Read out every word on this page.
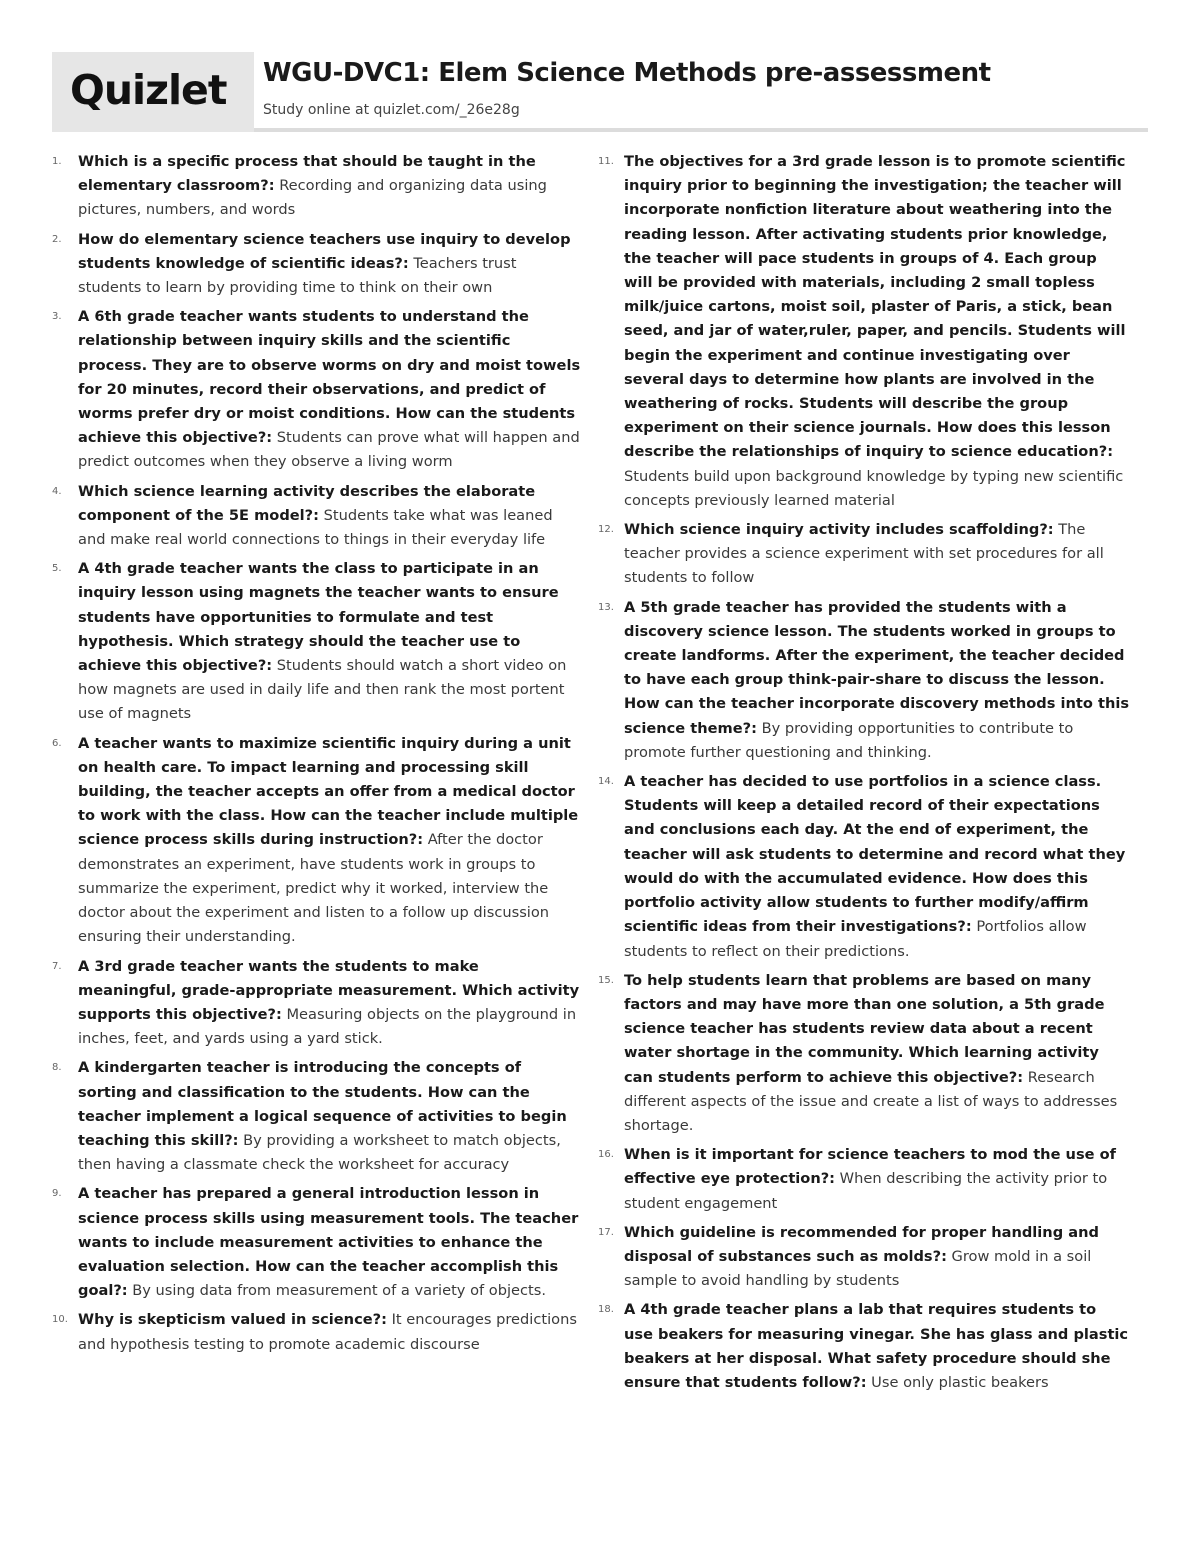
Quizlet WGU-DVC1: Elem Science Methods pre-assessment
Study online at quizlet.com/_26e28g
1. Which is a specific process that should be taught in the elementary classroom?: Recording and organizing data using pictures, numbers, and words
2. How do elementary science teachers use inquiry to develop students knowledge of scientific ideas?: Teachers trust students to learn by providing time to think on their own
3. A 6th grade teacher wants students to understand the relationship between inquiry skills and the scientific process. They are to observe worms on dry and moist towels for 20 minutes, record their observations, and predict of worms prefer dry or moist conditions. How can the students achieve this objective?: Students can prove what will happen and predict outcomes when they observe a living worm
4. Which science learning activity describes the elaborate component of the 5E model?: Students take what was leaned and make real world connections to things in their everyday life
5. A 4th grade teacher wants the class to participate in an inquiry lesson using magnets the teacher wants to ensure students have opportunities to formulate and test hypothesis. Which strategy should the teacher use to achieve this objective?: Students should watch a short video on how magnets are used in daily life and then rank the most portent use of magnets
6. A teacher wants to maximize scientific inquiry during a unit on health care. To impact learning and processing skill building, the teacher accepts an offer from a medical doctor to work with the class. How can the teacher include multiple science process skills during instruction?: After the doctor demonstrates an experiment, have students work in groups to summarize the experiment, predict why it worked, interview the doctor about the experiment and listen to a follow up discussion ensuring their understanding.
7. A 3rd grade teacher wants the students to make meaningful, grade-appropriate measurement. Which activity supports this objective?: Measuring objects on the playground in inches, feet, and yards using a yard stick.
8. A kindergarten teacher is introducing the concepts of sorting and classification to the students. How can the teacher implement a logical sequence of activities to begin teaching this skill?: By providing a worksheet to match objects, then having a classmate check the worksheet for accuracy
9. A teacher has prepared a general introduction lesson in science process skills using measurement tools. The teacher wants to include measurement activities to enhance the evaluation selection. How can the teacher accomplish this goal?: By using data from measurement of a variety of objects.
10. Why is skepticism valued in science?: It encourages predictions and hypothesis testing to promote academic discourse
11. The objectives for a 3rd grade lesson is to promote scientific inquiry prior to beginning the investigation; the teacher will incorporate nonfiction literature about weathering into the reading lesson. After activating students prior knowledge, the teacher will pace students in groups of 4. Each group will be provided with materials, including 2 small topless milk/juice cartons, moist soil, plaster of Paris, a stick, bean seed, and jar of water,ruler, paper, and pencils. Students will begin the experiment and continue investigating over several days to determine how plants are involved in the weathering of rocks. Students will describe the group experiment on their science journals. How does this lesson describe the relationships of inquiry to science education?: Students build upon background knowledge by typing new scientific concepts previously learned material
12. Which science inquiry activity includes scaffolding?: The teacher provides a science experiment with set procedures for all students to follow
13. A 5th grade teacher has provided the students with a discovery science lesson. The students worked in groups to create landforms. After the experiment, the teacher decided to have each group think-pair-share to discuss the lesson. How can the teacher incorporate discovery methods into this science theme?: By providing opportunities to contribute to promote further questioning and thinking.
14. A teacher has decided to use portfolios in a science class. Students will keep a detailed record of their expectations and conclusions each day. At the end of experiment, the teacher will ask students to determine and record what they would do with the accumulated evidence. How does this portfolio activity allow students to further modify/affirm scientific ideas from their investigations?: Portfolios allow students to reflect on their predictions.
15. To help students learn that problems are based on many factors and may have more than one solution, a 5th grade science teacher has students review data about a recent water shortage in the community. Which learning activity can students perform to achieve this objective?: Research different aspects of the issue and create a list of ways to addresses shortage.
16. When is it important for science teachers to mod the use of effective eye protection?: When describing the activity prior to student engagement
17. Which guideline is recommended for proper handling and disposal of substances such as molds?: Grow mold in a soil sample to avoid handling by students
18. A 4th grade teacher plans a lab that requires students to use beakers for measuring vinegar. She has glass and plastic beakers at her disposal. What safety procedure should she ensure that students follow?: Use only plastic beakers
